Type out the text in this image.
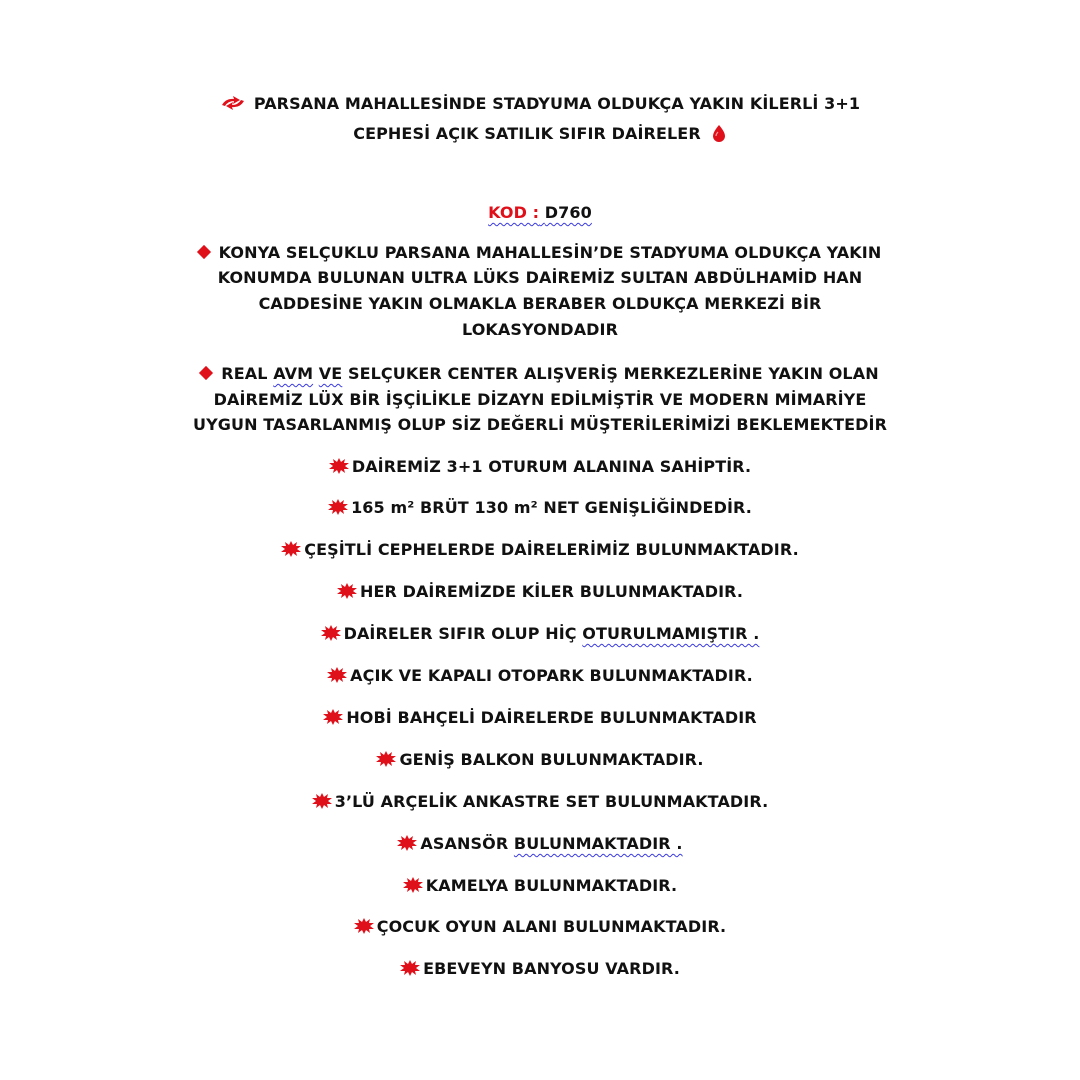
PARSANA MAHALLESİNDE STADYUMA OLDUKÇA YAKIN KİLERLİ 3+1
CEPHESİ AÇIK SATILIK SIFIR DAİRELER
KOD : D760
KONYA SELÇUKLU PARSANA MAHALLESİN’DE STADYUMA OLDUKÇA YAKIN
KONUMDA BULUNAN ULTRA LÜKS DAİREMİZ SULTAN ABDÜLHAMİD HAN
CADDESİNE YAKIN OLMAKLA BERABER OLDUKÇA MERKEZİ BİR
LOKASYONDADIR
REAL AVM VE SELÇUKER CENTER ALIŞVERİŞ MERKEZLERİNE YAKIN OLAN
DAİREMİZ LÜX BİR İŞÇİLİKLE DİZAYN EDİLMİŞTİR VE MODERN MİMARİYE
UYGUN TASARLANMIŞ OLUP SİZ DEĞERLİ MÜŞTERİLERİMİZİ BEKLEMEKTEDİR
DAİREMİZ 3+1 OTURUM ALANINA SAHİPTİR.
165 m² BRÜT 130 m² NET GENİŞLİĞİNDEDİR.
ÇEŞİTLİ CEPHELERDE DAİRELERİMİZ BULUNMAKTADIR.
HER DAİREMİZDE KİLER BULUNMAKTADIR.
DAİRELER SIFIR OLUP HİÇ OTURULMAMIŞTIR .
AÇIK VE KAPALI OTOPARK BULUNMAKTADIR.
HOBİ BAHÇELİ DAİRELERDE BULUNMAKTADIR
GENİŞ BALKON BULUNMAKTADIR.
3’LÜ ARÇELİK ANKASTRE SET BULUNMAKTADIR.
ASANSÖR BULUNMAKTADIR .
KAMELYA BULUNMAKTADIR.
ÇOCUK OYUN ALANI BULUNMAKTADIR.
EBEVEYN BANYOSU VARDIR.
